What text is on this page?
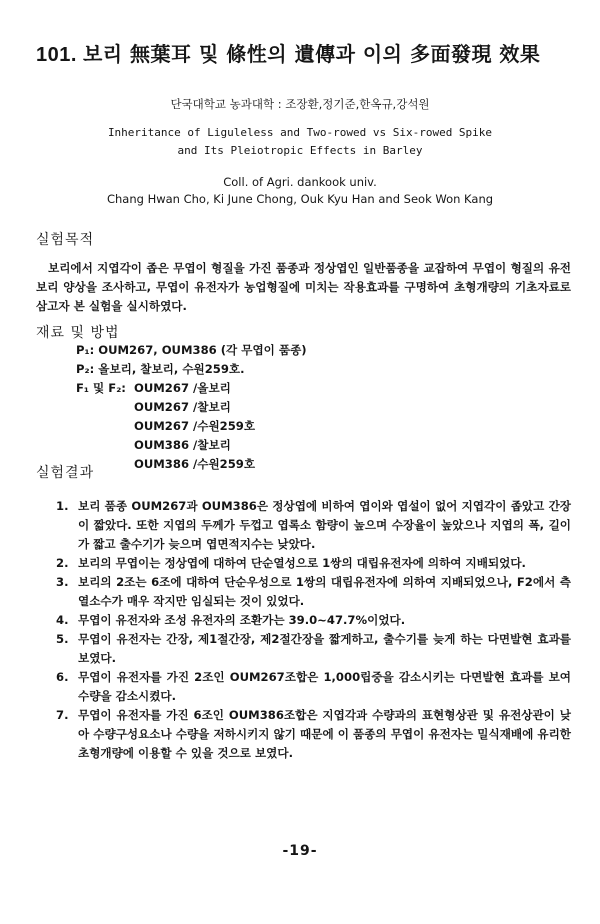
101. 보리 無葉耳 및 條性의 遺傳과 이의 多面發現 效果
단국대학교 농과대학 : 조장환,정기준,한옥규,강석원
Inheritance of Liguleless and Two-rowed vs Six-rowed Spike
and Its Pleiotropic Effects in Barley
Coll. of Agri. dankook univ.
Chang Hwan Cho, Ki June Chong, Ouk Kyu Han and Seok Won Kang
실험목적

보리에서 지엽각이 좁은 무엽이 형질을 가진 품종과 정상엽인 일반품종을 교잡하여 무엽이 형질의 유전보리 양상을 조사하고, 무엽이 유전자가 농업형질에 미치는 작용효과를 구명하여 초형개량의 기초자료로 삼고자 본 실험을 실시하였다.

재료 및 방법
P₁: OUM267, OUM386 (각 무엽이 품종)
P₂: 올보리, 찰보리, 수원259호.
F₁ 및 F₂: OUM267 /올보리
OUM267 /찰보리
OUM267 /수원259호
OUM386 /찰보리
OUM386 /수원259호
실험결과
1. 보리 품종 OUM267과 OUM386은 정상엽에 비하여 엽이와 엽설이 없어 지엽각이 좁았고 간장이 짧았다. 또한 지엽의 두께가 두껍고 엽록소 함량이 높으며 수장율이 높았으나 지엽의 폭, 길이가 짧고 출수기가 늦으며 엽면적지수는 낮았다.
2. 보리의 무엽이는 정상엽에 대하여 단순열성으로 1쌍의 대립유전자에 의하여 지배되었다.
3. 보리의 2조는 6조에 대하여 단순우성으로 1쌍의 대립유전자에 의하여 지배되었으나, F2에서 측열소수가 매우 작지만 임실되는 것이 있었다.
4. 무엽이 유전자와 조성 유전자의 조환가는 39.0~47.7%이었다.
5. 무엽이 유전자는 간장, 제1절간장, 제2절간장을 짧게하고, 출수기를 늦게 하는 다면발현 효과를 보였다.
6. 무엽이 유전자를 가진 2조인 OUM267조합은 1,000립중을 감소시키는 다면발현 효과를 보여 수량을 감소시켰다.
7. 무엽이 유전자를 가진 6조인 OUM386조합은 지엽각과 수량과의 표현형상관 및 유전상관이 낮아 수량구성요소나 수량을 저하시키지 않기 때문에 이 품종의 무엽이 유전자는 밀식재배에 유리한 초형개량에 이용할 수 있을 것으로 보였다.
-19-
